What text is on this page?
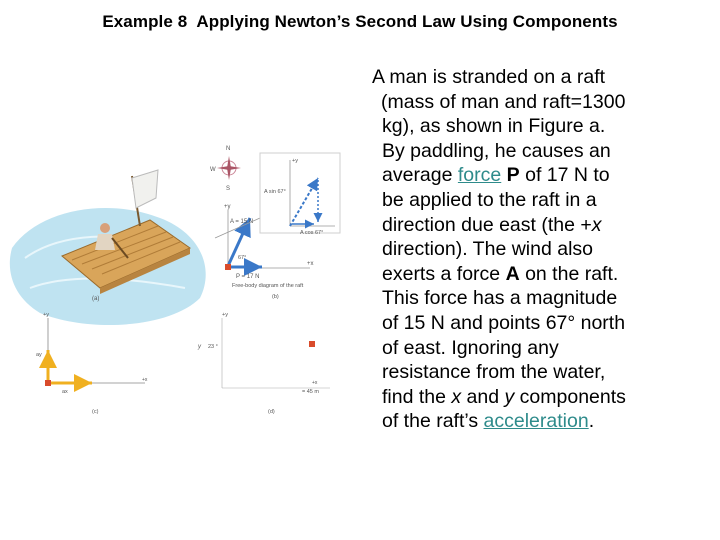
Example 8 Applying Newton’s Second Law Using Components
N
W
S
+y
+x
A = 15 N
67°
P = 17 N
Free-body diagram of the raft
(b)
+y
A sin 67°
A cos 67°
(a)
+y
ay
ax
+x
(c)
+y
y 23 °
+x
= 45 m
(d)
A man is stranded on a raft
(mass of man and raft=1300
kg), as shown in Figure a.
By paddling, he causes an
average force P of 17 N to
be applied to the raft in a
direction due east (the +x
direction). The wind also
exerts a force A on the raft.
This force has a magnitude
of 15 N and points 67° north
of east. Ignoring any
resistance from the water,
find the x and y components
of the raft’s acceleration.
